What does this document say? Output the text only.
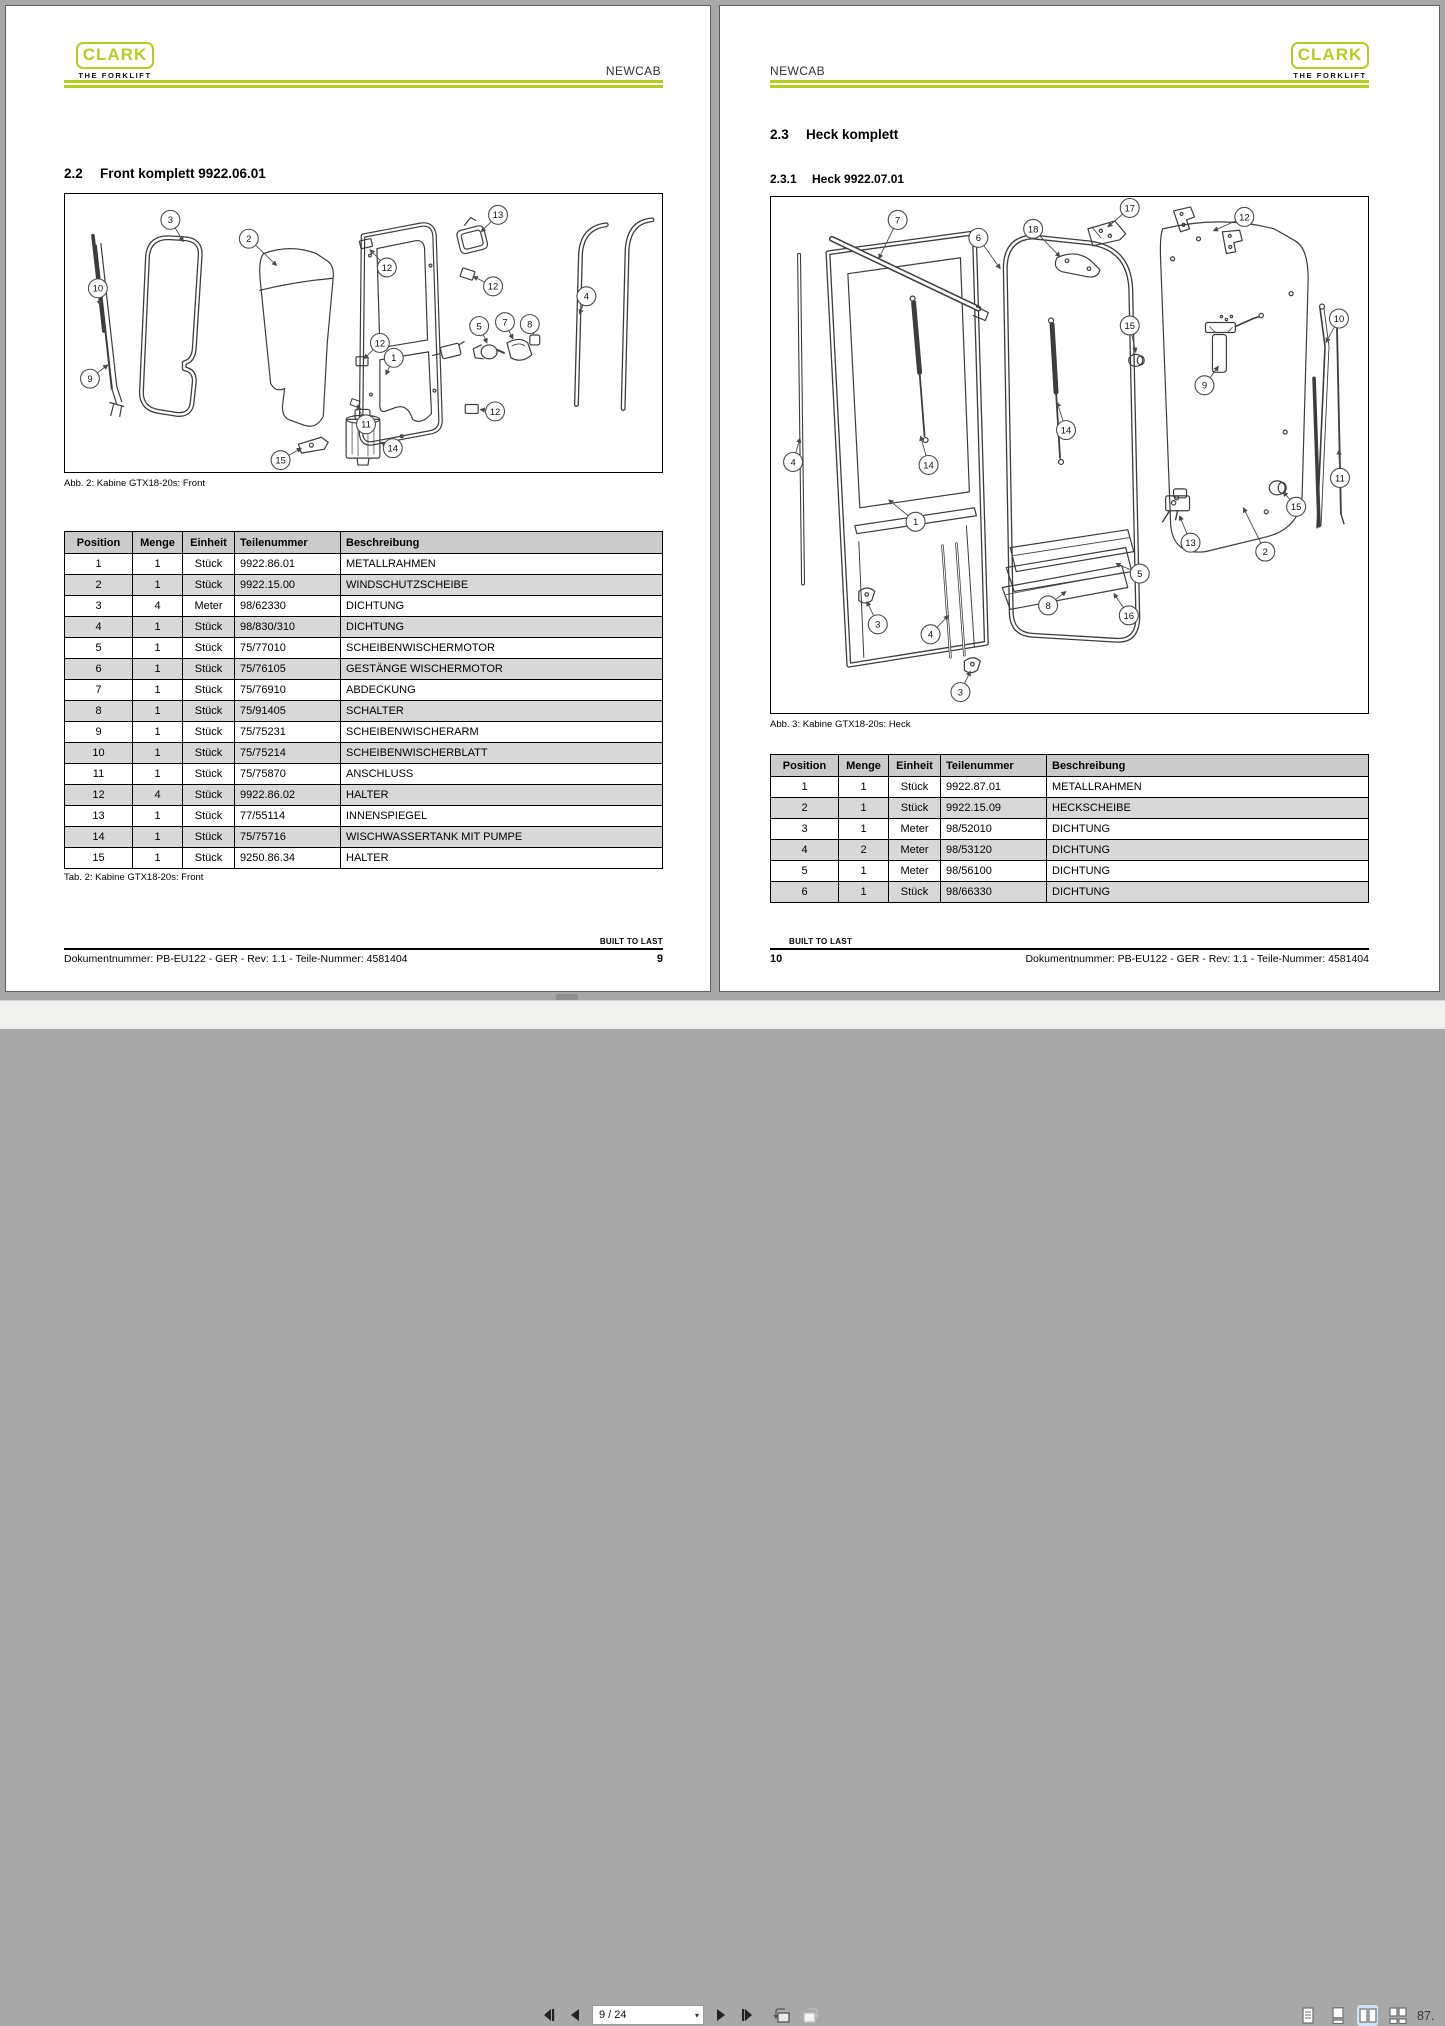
CLARK
THE FORKLIFT	NEWCAB
2.2 Front komplett 9922.06.01
3
2
13
12
12
10
4
5 7 8
12
1
9
12
11
14
15
Abb. 2: Kabine GTX18-20s: Front
Position	Menge	Einheit	Teilenummer	Beschreibung
1	1	Stück	9922.86.01	METALLRAHMEN
2	1	Stück	9922.15.00	WINDSCHUTZSCHEIBE
3	4	Meter	98/62330	DICHTUNG
4	1	Stück	98/830/310	DICHTUNG
5	1	Stück	75/77010	SCHEIBENWISCHERMOTOR
6	1	Stück	75/76105	GESTÄNGE WISCHERMOTOR
7	1	Stück	75/76910	ABDECKUNG
8	1	Stück	75/91405	SCHALTER
9	1	Stück	75/75231	SCHEIBENWISCHERARM
10	1	Stück	75/75214	SCHEIBENWISCHERBLATT
11	1	Stück	75/75870	ANSCHLUSS
12	4	Stück	9922.86.02	HALTER
13	1	Stück	77/55114	INNENSPIEGEL
14	1	Stück	75/75716	WISCHWASSERTANK MIT PUMPE
15	1	Stück	9250.86.34	HALTER
Tab. 2: Kabine GTX18-20s: Front
BUILT TO LAST
Dokumentnummer: PB-EU122 - GER - Rev: 1.1 - Teile-Nummer: 4581404	9
NEWCAB
CLARK
THE FORKLIFT
2.3 Heck komplett
2.3.1 Heck 9922.07.01
7
6
18
17
12
15
10
9
14
14
4
1
11
15
13
2
5
16
8
3
4
3
Abb. 3: Kabine GTX18-20s: Heck
Position	Menge	Einheit	Teilenummer	Beschreibung
1	1	Stück	9922.87.01	METALLRAHMEN
2	1	Stück	9922.15.09	HECKSCHEIBE
3	1	Meter	98/52010	DICHTUNG
4	2	Meter	98/53120	DICHTUNG
5	1	Meter	98/56100	DICHTUNG
6	1	Stück	98/66330	DICHTUNG
BUILT TO LAST
10	Dokumentnummer: PB-EU122 - GER - Rev: 1.1 - Teile-Nummer: 4581404
9 / 24	▾	87.
